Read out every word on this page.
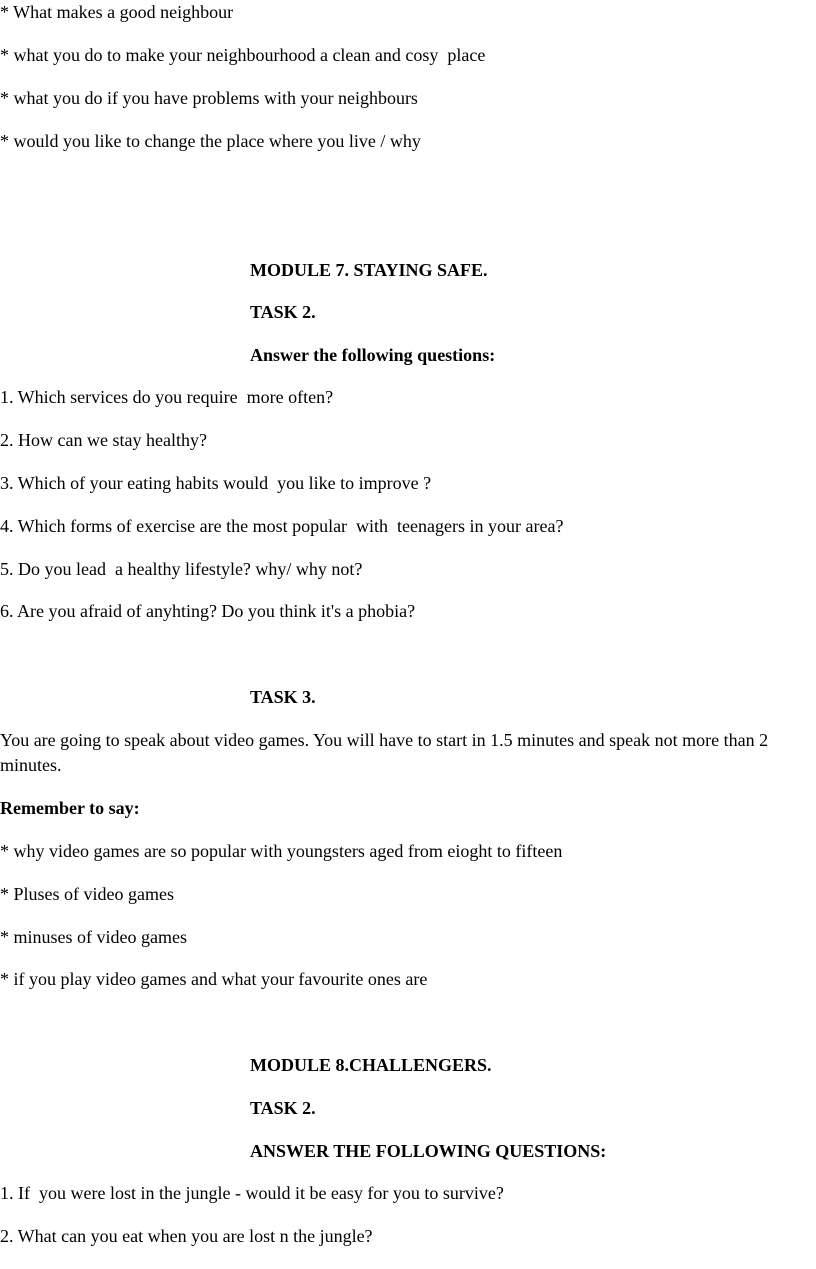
* What makes a good neighbour

* what you do to make your neighbourhood a clean and cosy  place

* what you do if you have problems with your neighbours

* would you like to change the place where you live / why

MODULE 7. STAYING SAFE.

TASK 2.

Answer the following questions:

1. Which services do you require  more often?

2. How can we stay healthy?

3. Which of your eating habits would  you like to improve ?

4. Which forms of exercise are the most popular  with  teenagers in your area?

5. Do you lead  a healthy lifestyle? why/ why not?

6. Are you afraid of anyhting? Do you think it's a phobia?

TASK 3.

You are going to speak about video games. You will have to start in 1.5 minutes and speak not more than 2 minutes.

Remember to say:

* why video games are so popular with youngsters aged from eioght to fifteen

* Pluses of video games

* minuses of video games

* if you play video games and what your favourite ones are

MODULE 8.CHALLENGERS.

TASK 2.

ANSWER THE FOLLOWING QUESTIONS:

1. If  you were lost in the jungle - would it be easy for you to survive?

2. What can you eat when you are lost n the jungle?
